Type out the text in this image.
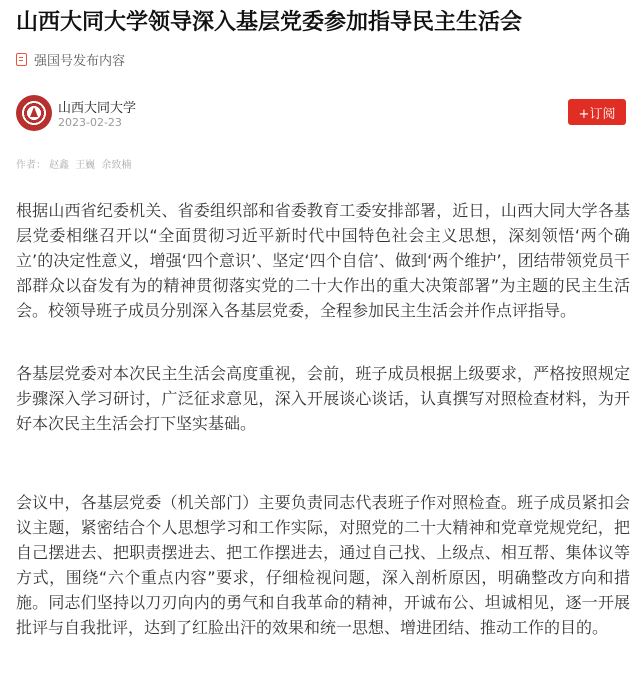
山西大同大学领导深入基层党委参加指导民主生活会
强国号发布内容
山西大同大学
2023-02-23
+订阅
作者： 赵鑫 王巍 余致楠

根据山西省纪委机关、省委组织部和省委教育工委安排部署，近日，山西大同大学各基层党委相继召开以“全面贯彻习近平新时代中国特色社会主义思想，深刻领悟‘两个确立’的决定性意义，增强‘四个意识’、坚定‘四个自信’、做到‘两个维护’，团结带领党员干部群众以奋发有为的精神贯彻落实党的二十大作出的重大决策部署”为主题的民主生活会。校领导班子成员分别深入各基层党委，全程参加民主生活会并作点评指导。

各基层党委对本次民主生活会高度重视，会前，班子成员根据上级要求，严格按照规定步骤深入学习研讨，广泛征求意见，深入开展谈心谈话，认真撰写对照检查材料，为开好本次民主生活会打下坚实基础。

会议中，各基层党委（机关部门）主要负责同志代表班子作对照检查。班子成员紧扣会议主题，紧密结合个人思想学习和工作实际，对照党的二十大精神和党章党规党纪，把自己摆进去、把职责摆进去、把工作摆进去，通过自己找、上级点、相互帮、集体议等方式，围绕“六个重点内容”要求，仔细检视问题，深入剖析原因，明确整改方向和措施。同志们坚持以刀刃向内的勇气和自我革命的精神，开诚布公、坦诚相见，逐一开展批评与自我批评，达到了红脸出汗的效果和统一思想、增进团结、推动工作的目的。
